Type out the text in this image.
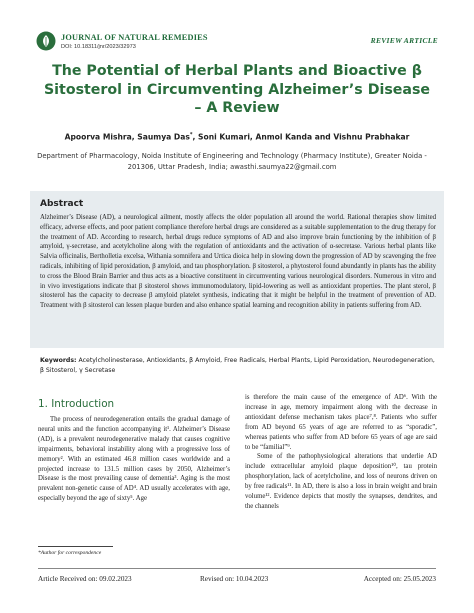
JOURNAL OF NATURAL REMEDIES
DOI: 10.18311/jnr/2023/32973
REVIEW ARTICLE
The Potential of Herbal Plants and Bioactive β Sitosterol in Circumventing Alzheimer’s Disease – A Review
Apoorva Mishra, Saumya Das*, Soni Kumari, Anmol Kanda and Vishnu Prabhakar
Department of Pharmacology, Noida Institute of Engineering and Technology (Pharmacy Institute), Greater Noida - 201306, Uttar Pradesh, India; awasthi.saumya22@gmail.com
Abstract
Alzheimer’s Disease (AD), a neurological ailment, mostly affects the older population all around the world. Rational therapies show limited efficacy, adverse effects, and poor patient compliance therefore herbal drugs are considered as a suitable supplementation to the drug therapy for the treatment of AD. According to research, herbal drugs reduce symptoms of AD and also improve brain functioning by the inhibition of β amyloid, γ-secretase, and acetylcholine along with the regulation of antioxidants and the activation of α-secretase. Various herbal plants like Salvia officinalis, Bertholletia excelsa, Withania somnifera and Urtica dioica help in slowing down the progression of AD by scavenging the free radicals, inhibiting of lipid peroxidation, β amyloid, and tau phosphorylation. β sitosterol, a phytosterol found abundantly in plants has the ability to cross the Blood Brain Barrier and thus acts as a bioactive constituent in circumventing various neurological disorders. Numerous in vitro and in vivo investigations indicate that β sitosterol shows immunomodulatory, lipid-lowering as well as antioxidant properties. The plant sterol, β sitosterol has the capacity to decrease β amyloid platelet synthesis, indicating that it might be helpful in the treatment of prevention of AD. Treatment with β sitosterol can lessen plaque burden and also enhance spatial learning and recognition ability in patients suffering from AD.
Keywords: Acetylcholinesterase, Antioxidants, β Amyloid, Free Radicals, Herbal Plants, Lipid Peroxidation, Neurodegeneration, β Sitosterol, γ Secretase
1. Introduction

The process of neurodegeneration entails the gradual damage of neural units and the function accompanying it¹. Alzheimer’s Disease (AD), is a prevalent neurodegenerative malady that causes cognitive impairments, behavioral instability along with a progressive loss of memory². With an estimated 46.8 million cases worldwide and a projected increase to 131.5 million cases by 2050, Alzheimer’s Disease is the most prevailing cause of dementia³. Aging is the most prevalent non-genetic cause of AD⁴. AD usually accelerates with age, especially beyond the age of sixty⁵. Age

is therefore the main cause of the emergence of AD⁶. With the increase in age, memory impairment along with the decrease in antioxidant defense mechanism takes place⁷,⁸. Patients who suffer from AD beyond 65 years of age are referred to as “sporadic”, whereas patients who suffer from AD before 65 years of age are said to be “familial”⁹.

Some of the pathophysiological alterations that underlie AD include extracellular amyloid plaque deposition¹⁰, tau protein phosphorylation, lack of acetylcholine, and loss of neurons driven on by free radicals¹¹. In AD, there is also a loss in brain weight and brain volume¹². Evidence depicts that mostly the synapses, dendrites, and the channels

*Author for correspondence
Article Received on: 09.02.2023	Revised on: 10.04.2023	Accepted on: 25.05.2023
